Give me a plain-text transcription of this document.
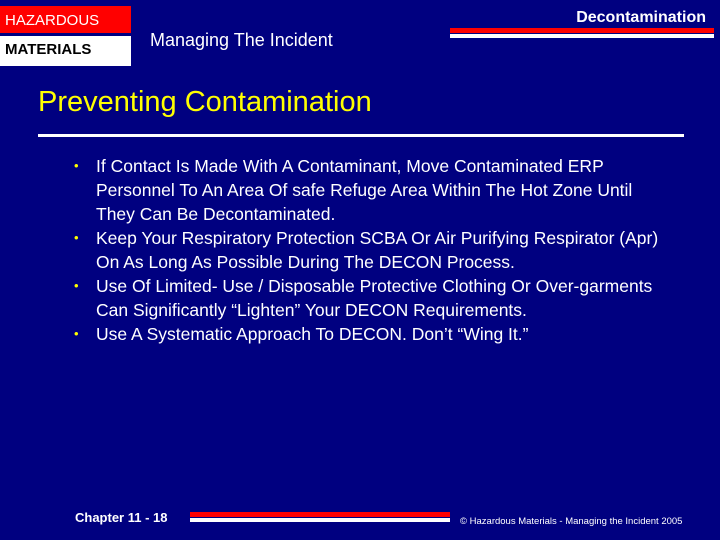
HAZARDOUS
MATERIALS	Managing The Incident
Decontamination
Preventing Contamination
• If Contact Is Made With A Contaminant, Move Contaminated ERP Personnel To An Area Of safe Refuge Area Within The Hot Zone Until They Can Be Decontaminated.
• Keep Your Respiratory Protection SCBA Or Air Purifying Respirator (Apr) On As Long As Possible During The DECON Process.
• Use Of Limited- Use / Disposable Protective Clothing Or Over-garments Can Significantly “Lighten” Your DECON Requirements.
• Use A Systematic Approach To DECON. Don’t “Wing It.”
Chapter 11 - 18	© Hazardous Materials - Managing the Incident 2005
